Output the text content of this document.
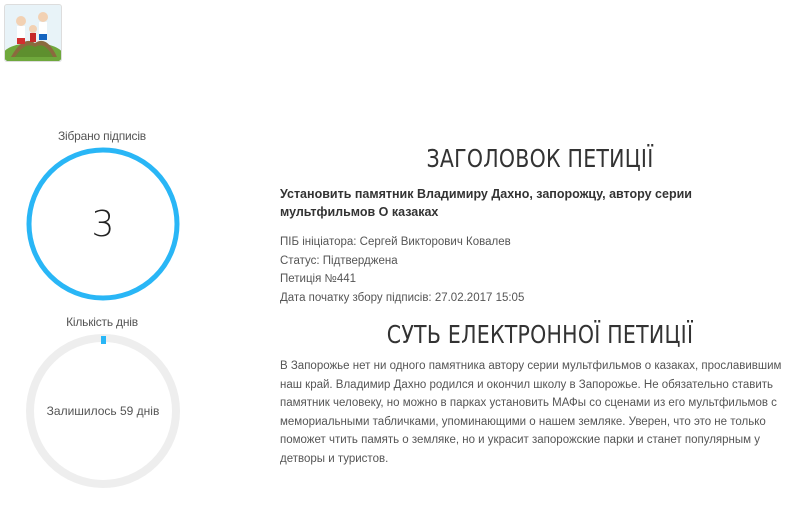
Зібрано підписів
3
Кількість днів
Залишилось 59 днів
ЗАГОЛОВОК ПЕТИЦІЇ

Установить памятник Владимиру Дахно, запорожцу, автору серии мультфильмов О казаках

ПІБ ініціатора: Сергей Викторович Ковалев
Статус: Підтверджена
Петиція №441
Дата початку збору підписів: 27.02.2017 15:05
СУТЬ ЕЛЕКТРОННОЇ ПЕТИЦІЇ

В Запорожье нет ни одного памятника автору серии мультфильмов о казаках, прославившим наш край. Владимир Дахно родился и окончил школу в Запорожье. Не обязательно ставить памятник человеку, но можно в парках установить МАФы со сценами из его мультфильмов с мемориальными табличками, упоминающими о нашем земляке. Уверен, что это не только поможет чтить память о земляке, но и украсит запорожские парки и станет популярным у детворы и туристов.
